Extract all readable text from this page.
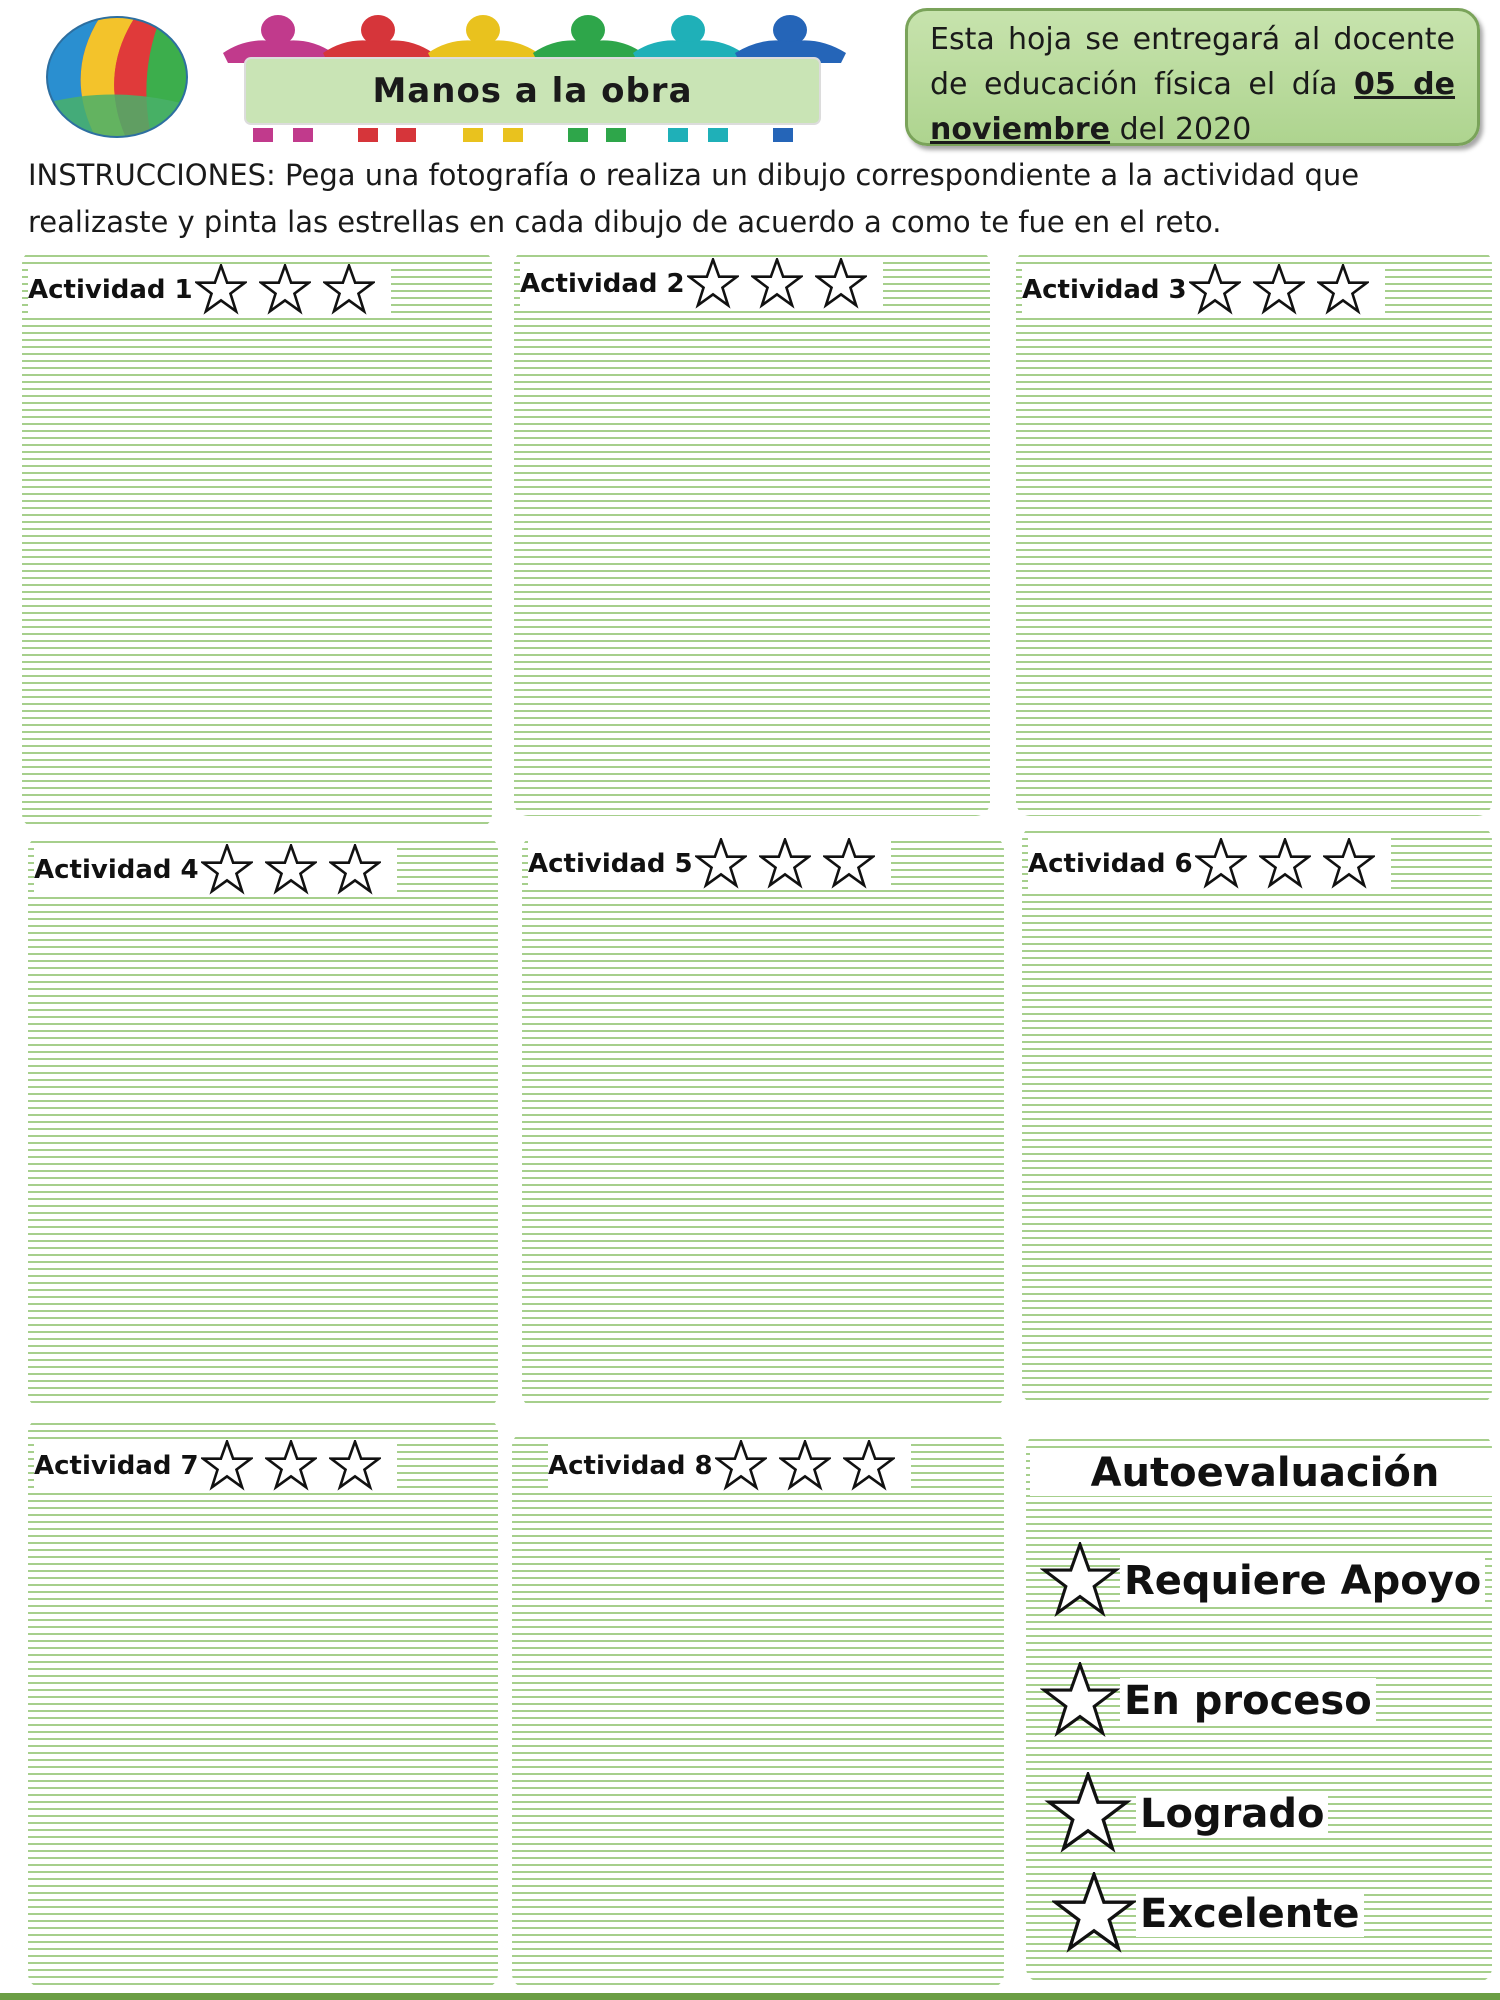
Manos a la obra
Esta hoja se entregará al docente de educación física el día 05 de noviembre del 2020
INSTRUCCIONES: Pega una fotografía o realiza un dibujo correspondiente a la actividad que realizaste y pinta las estrellas en cada dibujo de acuerdo a como te fue en el reto.
Actividad 1	Actividad 2	Actividad 3
Actividad 4	Actividad 5	Actividad 6
Actividad 7	Actividad 8	Autoevaluación
Requiere Apoyo
En proceso
Logrado
Excelente
